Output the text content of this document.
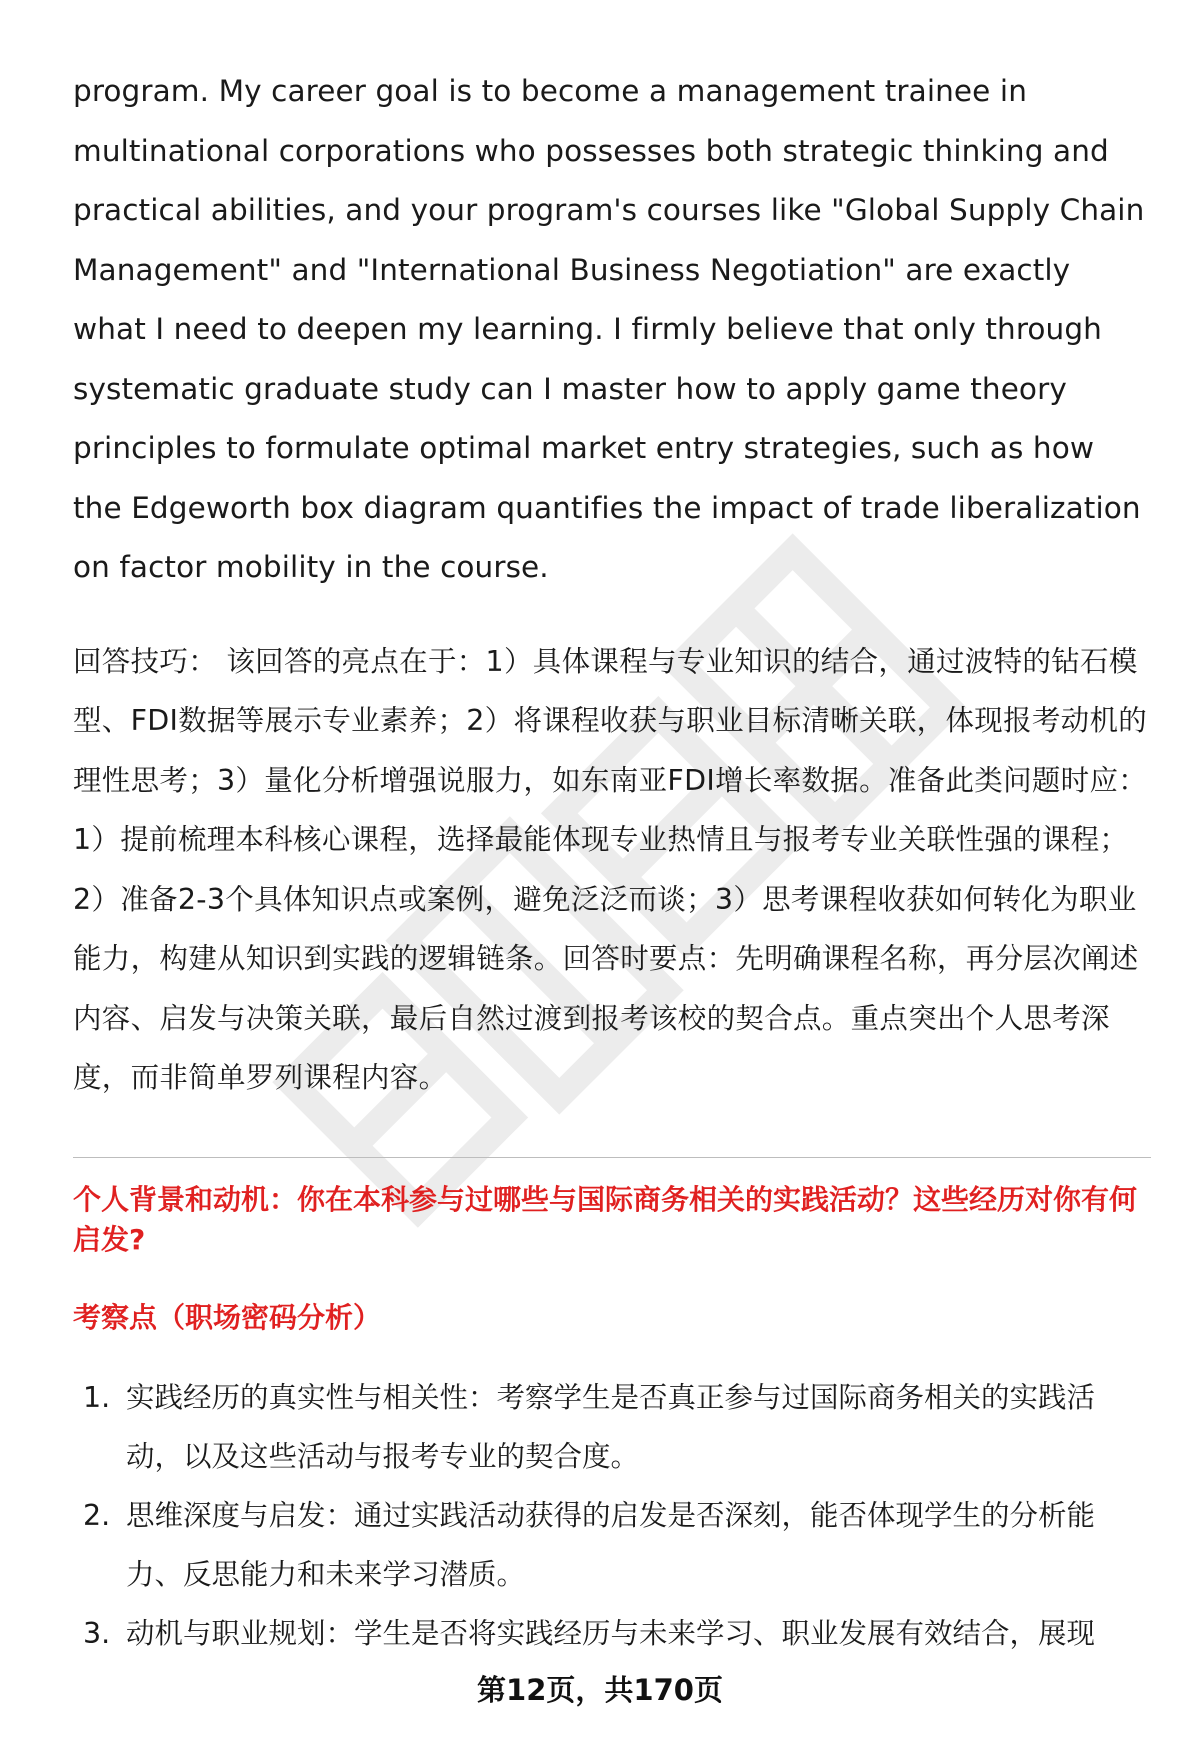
program. My career goal is to become a management trainee in multinational corporations who possesses both strategic thinking and practical abilities, and your program's courses like "Global Supply Chain Management" and "International Business Negotiation" are exactly what I need to deepen my learning. I firmly believe that only through systematic graduate study can I master how to apply game theory principles to formulate optimal market entry strategies, such as how the Edgeworth box diagram quantifies the impact of trade liberalization on factor mobility in the course.

回答技巧： 该回答的亮点在于：1）具体课程与专业知识的结合，通过波特的钻石模型、FDI数据等展示专业素养；2）将课程收获与职业目标清晰关联，体现报考动机的理性思考；3）量化分析增强说服力，如东南亚FDI增长率数据。准备此类问题时应：1）提前梳理本科核心课程，选择最能体现专业热情且与报考专业关联性强的课程；2）准备2-3个具体知识点或案例，避免泛泛而谈；3）思考课程收获如何转化为职业能力，构建从知识到实践的逻辑链条。回答时要点：先明确课程名称，再分层次阐述内容、启发与决策关联，最后自然过渡到报考该校的契合点。重点突出个人思考深度，而非简单罗列课程内容。

个人背景和动机：你在本科参与过哪些与国际商务相关的实践活动？这些经历对你有何启发?
考察点（职场密码分析）
1. 实践经历的真实性与相关性：考察学生是否真正参与过国际商务相关的实践活动，以及这些活动与报考专业的契合度。
2. 思维深度与启发：通过实践活动获得的启发是否深刻，能否体现学生的分析能力、反思能力和未来学习潜质。
3. 动机与职业规划：学生是否将实践经历与未来学习、职业发展有效结合，展现
第12页，共170页
